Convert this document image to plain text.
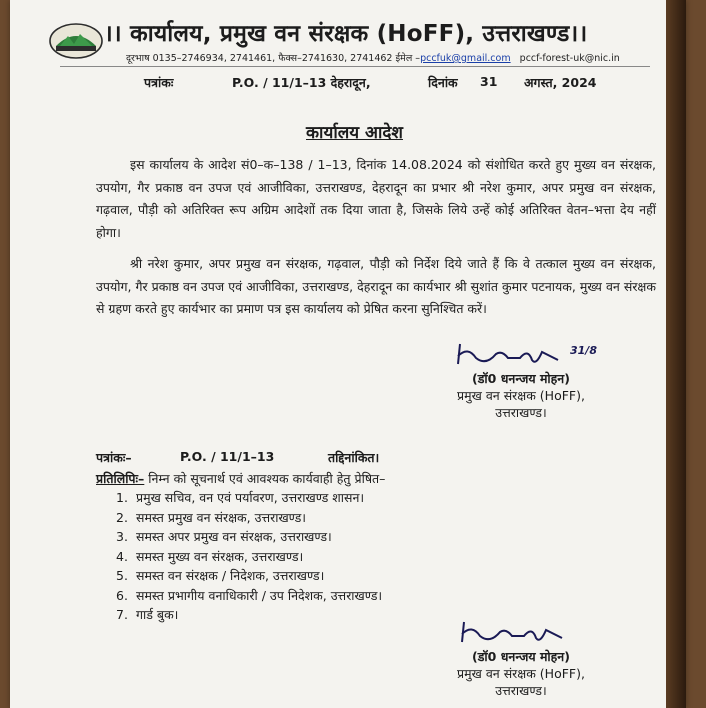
।। कार्यालय, प्रमुख वन संरक्षक (HoFF), उत्तराखण्ड।।
दूरभाष 0135–2746934, 2741461, फैक्स–2741630, 2741462 ईमेल –pccfuk@gmail.com pccf-forest-uk@nic.in
पत्रांकः	P.O. / 11/1–13 देहरादून,	दिनांक 31 अगस्त, 2024
कार्यालय आदेश
इस कार्यालय के आदेश सं0–क–138 / 1–13, दिनांक 14.08.2024 को संशोधित करते हुए मुख्य वन संरक्षक, उपयोग, गैर प्रकाष्ठ वन उपज एवं आजीविका, उत्तराखण्ड, देहरादून का प्रभार श्री नरेश कुमार, अपर प्रमुख वन संरक्षक, गढ़वाल, पौड़ी को अतिरिक्त रूप अग्रिम आदेशों तक दिया जाता है, जिसके लिये उन्हें कोई अतिरिक्त वेतन–भत्ता देय नहीं होगा।
श्री नरेश कुमार, अपर प्रमुख वन संरक्षक, गढ़वाल, पौड़ी को निर्देश दिये जाते हैं कि वे तत्काल मुख्य वन संरक्षक, उपयोग, गैर प्रकाष्ठ वन उपज एवं आजीविका, उत्तराखण्ड, देहरादून का कार्यभार श्री सुशांत कुमार पटनायक, मुख्य वन संरक्षक से ग्रहण करते हुए कार्यभार का प्रमाण पत्र इस कार्यालय को प्रेषित करना सुनिश्चित करें।
31/8
(डॉ0 धनन्जय मोहन)
प्रमुख वन संरक्षक (HoFF),
उत्तराखण्ड।
पत्रांकः–	P.O. / 11/1–13	तद्दिनांकित।
प्रतिलिपिः– निम्न को सूचनार्थ एवं आवश्यक कार्यवाही हेतु प्रेषित–
1. प्रमुख सचिव, वन एवं पर्यावरण, उत्तराखण्ड शासन।
2. समस्त प्रमुख वन संरक्षक, उत्तराखण्ड।
3. समस्त अपर प्रमुख वन संरक्षक, उत्तराखण्ड।
4. समस्त मुख्य वन संरक्षक, उत्तराखण्ड।
5. समस्त वन संरक्षक / निदेशक, उत्तराखण्ड।
6. समस्त प्रभागीय वनाधिकारी / उप निदेशक, उत्तराखण्ड।
7. गार्ड बुक।
(डॉ0 धनन्जय मोहन)
प्रमुख वन संरक्षक (HoFF),
उत्तराखण्ड।
